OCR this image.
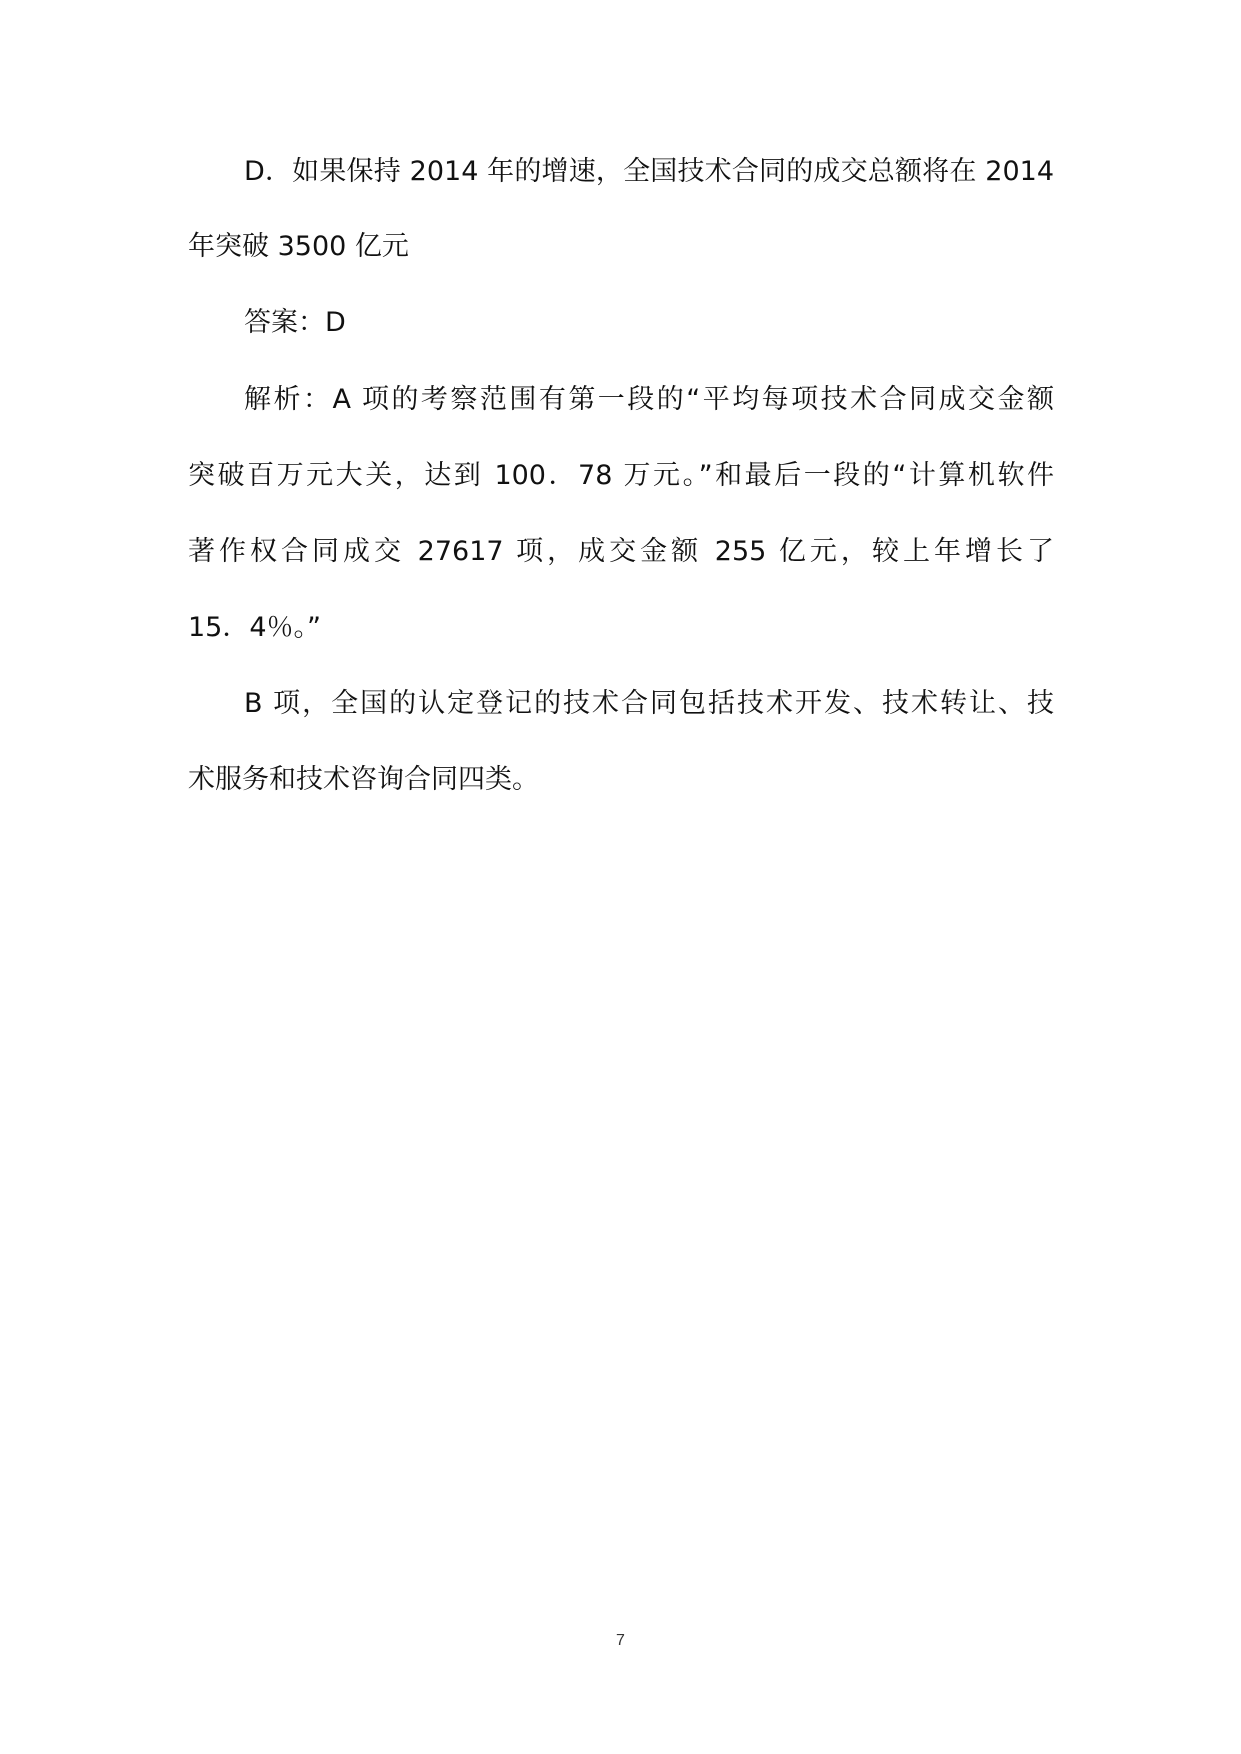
D．如果保持 2014 年的增速，全国技术合同的成交总额将在 2014
年突破 3500 亿元
答案：D
解析：A 项的考察范围有第一段的“平均每项技术合同成交金额
突破百万元大关，达到 100．78 万元。”和最后一段的“计算机软件
著作权合同成交 27617 项，成交金额 255 亿元，较上年增长了
15．4％。”
B 项，全国的认定登记的技术合同包括技术开发、技术转让、技
术服务和技术咨询合同四类。
7
